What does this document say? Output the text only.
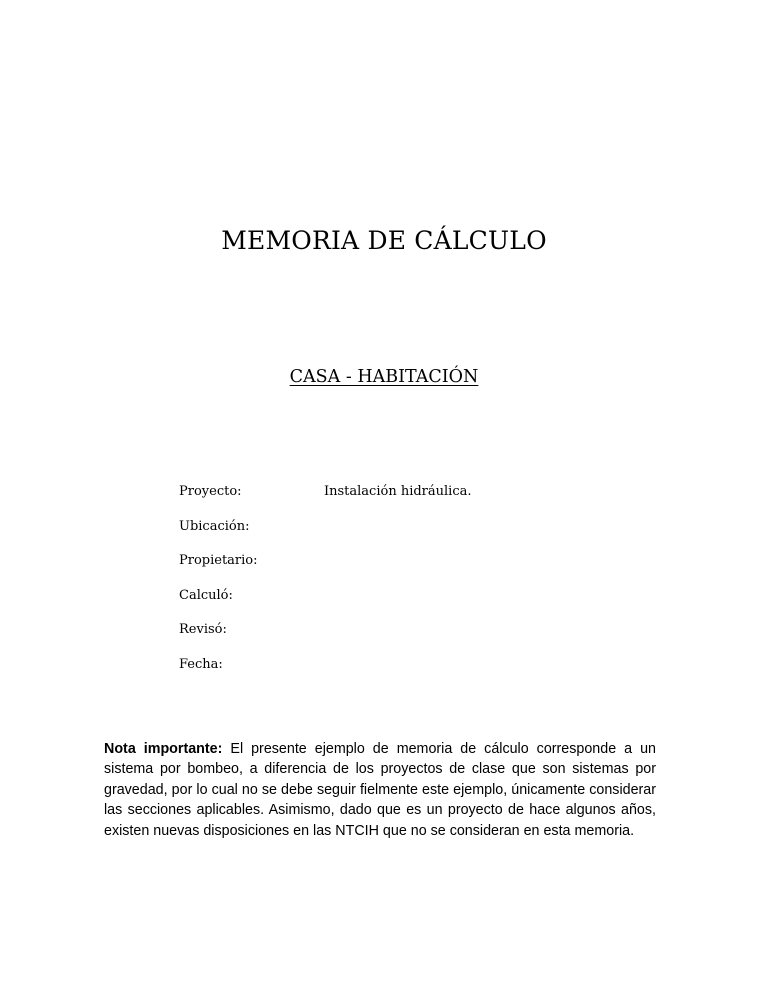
MEMORIA DE CÁLCULO
CASA - HABITACIÓN
Proyecto:	Instalación hidráulica.
Ubicación:
Propietario:
Calculó:
Revisó:
Fecha:

Nota importante: El presente ejemplo de memoria de cálculo corresponde a un sistema por bombeo, a diferencia de los proyectos de clase que son sistemas por gravedad, por lo cual no se debe seguir fielmente este ejemplo, únicamente considerar las secciones aplicables. Asimismo, dado que es un proyecto de hace algunos años, existen nuevas disposiciones en las NTCIH que no se consideran en esta memoria.
